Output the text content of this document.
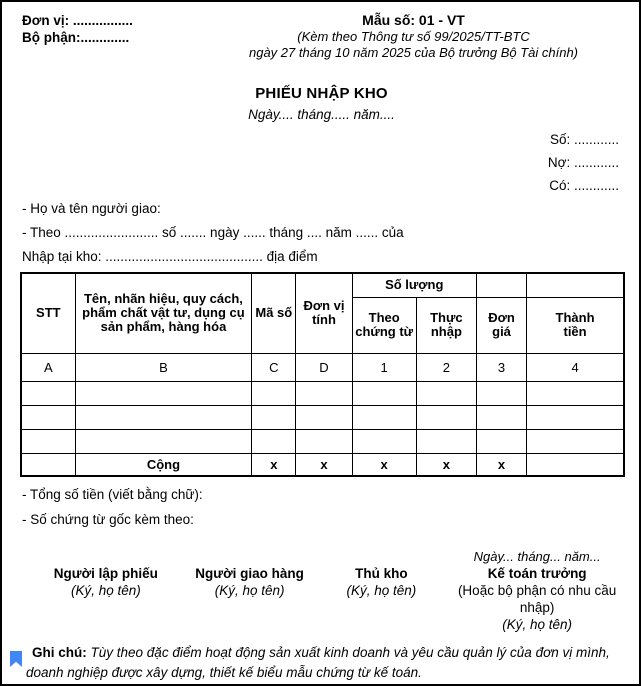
Đơn vị: ................
Bộ phận:.............
Mẫu số: 01 - VT
(Kèm theo Thông tư số 99/2025/TT-BTC
ngày 27 tháng 10 năm 2025 của Bộ trưởng Bộ Tài chính)
PHIẾU NHẬP KHO
Ngày.... tháng..... năm....
Số: ............
Nợ: ............
Có: ............
- Họ và tên người giao:
- Theo ......................... số ....... ngày ...... tháng .... năm ...... của
Nhập tại kho: .......................................... địa điểm
STT	Tên, nhãn hiệu, quy cách, phẩm chất vật tư, dụng cụ sản phẩm, hàng hóa	Mã số	Đơn vị tính	Số lượng			
				Theo chứng từ	Thực nhập	Đơn giá	Thành tiền

A	B	C	D	1	2	3	4

	Cộng	x	x	x	x	x	
- Tổng số tiền (viết bằng chữ):
- Số chứng từ gốc kèm theo:
Người lập phiếu
(Ký, họ tên)
Người giao hàng
(Ký, họ tên)
Thủ kho
(Ký, họ tên)
Ngày... tháng... năm...
Kế toán trưởng
(Hoặc bộ phận có nhu cầu nhập)
(Ký, họ tên)
Ghi chú: Tùy theo đặc điểm hoạt động sản xuất kinh doanh và yêu cầu quản lý của đơn vị mình, doanh nghiệp được xây dựng, thiết kế biểu mẫu chứng từ kế toán.
